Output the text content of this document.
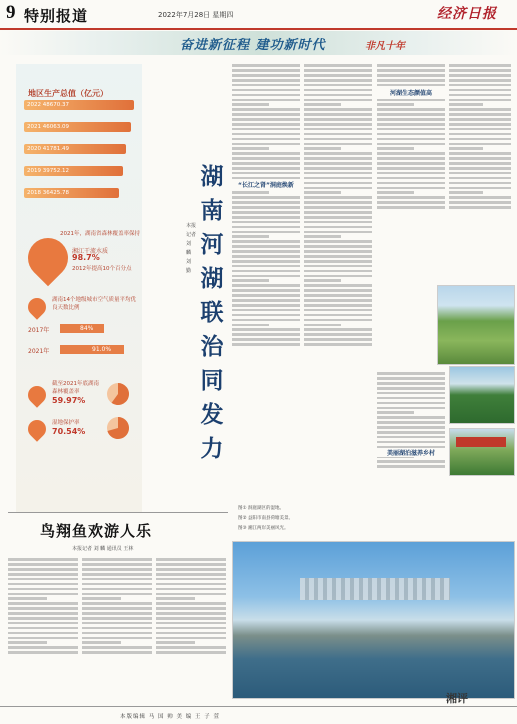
9 特别报道	2022年7月28日 星期四	经济日报
奋进新征程 建功新时代	非凡十年
地区生产总值（亿元）
2022 48670.37
2021 46063.09
2020 41781.49
2019 39752.12
2018 36425.78
2021年，湖南省森林覆盖率保持
湘江干流水质
98.7%
2012年提高10个百分点
湖南14个地级城市空气质量平均优良天数比例
2017年	84%
2021年	91.0%
截至2021年底湖南森林覆盖率
59.97%
湿地保护率
70.54%
湖南河湖联治同发力
本报记者 刘 麟 刘 勤
“长江之肾”洞庭焕新
河湖生态颜值高
美丽湖泊滋养乡村
图① 洞庭湖区的湿地。
图② 益阳市南县荷塘美景。
图③ 湘江两岸美丽风光。
鸟翔鱼欢游人乐
本报记者 刘 麟 通讯员 王林
本版编辑 马 国 帅 美 编 王 子 萱
湘评
